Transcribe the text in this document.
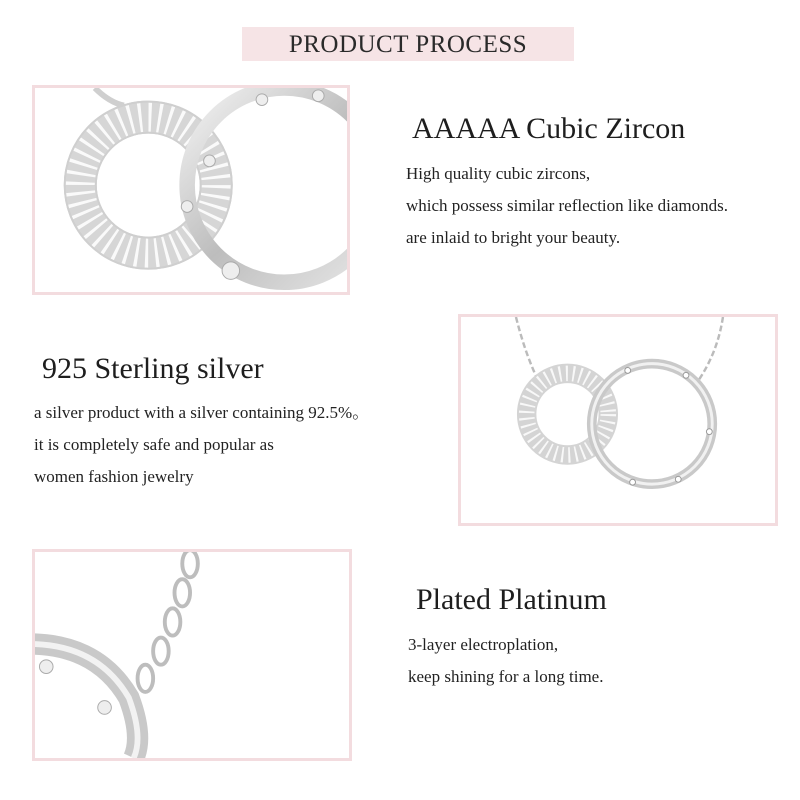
PRODUCT PROCESS
AAAAA Cubic Zircon
High quality cubic zircons,
which possess similar reflection like diamonds.
are inlaid to bright your beauty.
925 Sterling silver
a silver product with a silver containing 92.5%。
it is completely safe and popular as
women fashion jewelry
Plated Platinum
3-layer electroplation,
keep shining for a long time.
